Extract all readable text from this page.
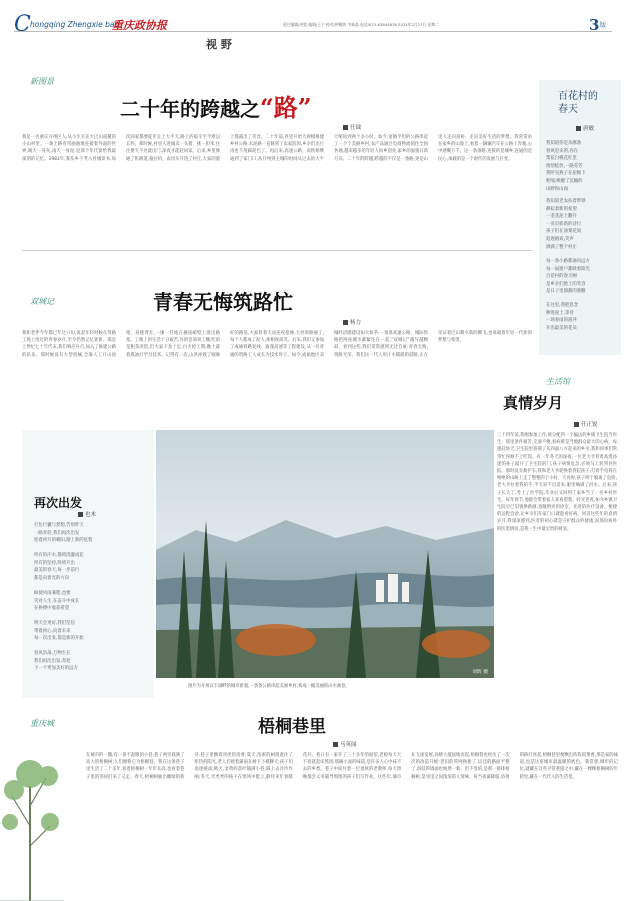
C hongqing Zhengxie bao
重庆政协报
视 野
责任编辑/余露 编辑/王宁 校对/钟敏鸿 韦新淼 电话/023-63844678 2024年2月27日 星期二	3 版
新图景
二十年的跨越之“路”
任钺
我是一名重庆开州区人,从小生长在大巴山南麓的小山村里。一条土路弯弯曲曲地连接着外面的世界,晴天一身灰,雨天一身泥,是那个年代留给我最深刻的记忆。1983年,我从乡下考入县城读书,每次回家都要徒步走上大半天,路上的艰辛至今难以忘怀。那时候,村里人进城卖一头猪、挑一担米,往往要天不亮就出门,深夜才能赶回家。后来,乡里修通了机耕道,拖拉机、农用车开进了村庄,大家的脸上都露出了笑容。二十年前,县里开始大规模修建乡村公路,水泥路一直修到了农家院坝,乡亲们出行再也不用踩泥巴了。再后来,高速公路、高铁相继通到了家门口,从开州到主城的时间从过去的大半天缩短到两个多小时。如今,宽阔平坦的公路串起了一个个美丽乡村,农产品通过电商物流销往全国各地,越来越多的年轻人回乡创业,家乡的面貌日新月异。二十年的跨越,跨越的不仅是一条路,更是山里人走向富裕、走向美好生活的梦想。我常常站在家乡的山坡上,看着一辆辆汽车在公路上奔驰,心中感慨万千。这一条条路,连接的是城乡,连通的是民心,承载的是一个时代的发展与巨变。
百花村的春天
唐敏
我知道你是从哪条
春风里来的,你在
梨花白桃花红里
悄悄绽放,一路芬芳
我听见燕子在屋檐下
呢喃,唤醒了沉睡的
田野和山岗
我知道老农扶着犁铧
耕耘着新的希望
一垄垄泥土翻开
一页页崭新的诗行
孩子们在油菜花间
追逐嬉戏,笑声
洒满了整个村庄
每一条小路都通向远方
每一扇窗户都映着阳光
百花村的春天啊
是乡亲们脸上的笑容
是日子里甜甜的蜜糖
在这里,我把思念
种进泥土,等待
一场春雨的滋养
开出最美的花朵
双城记	青春无悔筑路忙
杨力
我和老伴今年都已年过六旬,说起年轻时候在筑路工地上度过的青春岁月,至今仍然记忆犹新。那是上世纪七十年代末,我们响应号召,加入了修建公路的队伍。那时候没有大型机械,全靠人工开山放炮、肩挑背扛,一锤一钎地在悬崖峭壁上凿出路基。工地上的生活十分艰苦,住的是简易工棚,吃的是粗茶淡饭,但大家干劲十足,白天抢工期,晚上就着煤油灯学习技术。记得有一次,山洪冲毁了刚修好的路基,大家冒着大雨连夜抢修,天亮时路通了,每个人都成了泥人,却相视而笑。后来,我们又参加了成渝铁路复线、渝遂高速等工程建设,从一名普通的筑路工人成长为技术骨干。如今,成渝地区双城经济圈建设如火如荼,一条条高速公路、城际铁路把两座城市紧紧连在一起,“双城记”越写越精彩。看到这些,我们常常感到无比自豪:青春无悔,筑路光荣。我们这一代人用汗水铺就的道路,正在见证着巴山蜀水新的腾飞,也承载着年轻一代新的梦想与希望。
生活馆
真情岁月
任正锐
三十四年前,我刚参加工作,被分配到一个偏远的乡镇卫生院当医生。那里条件艰苦,交通不便,看病难是当地群众最大的心病。每逢赶场天,卫生院里挤满了从四面八方赶来的乡亲,我和同事们常常忙得顾不上吃饭。有一年冬天的深夜,一位老大爷背着高烧昏迷的孙子敲开了卫生院的门,孩子病情危急,必须马上转到县医院。那时没有救护车,我和老大爷轮换着背起孩子,打着手电筒在崎岖的山路上走了整整四个小时。天亮时,孩子终于脱离了危险,老大爷拉着我的手,半天说不出话来,眼里噙满了泪水。后来,孩子长大了,考上了医学院,毕业后又回到了家乡当了一名乡村医生。每年春节,他都会带着家人来看望我。时光荏苒,如今乡镇卫生院早已旧貌换新颜,宽敞明亮的诊室、先进的医疗设备、便捷的远程会诊,让乡亲们在家门口就能看好病。回首这些年的真情岁月,我深深感到,医者的初心就是守护群众的健康,而那份质朴的医患情谊,是我一生中最宝贵的财富。
再次出发
也木
打包行囊与梦想,告别昨天
一路奔赴,我们再次出发
迎着初升的朝阳,踏上新的征程
所有的汗水,都将浇灌成花
所有的坚持,终将开出
最美的春天,每一步前行
都是向着光的方向
纵使风雨兼程,也要
笑对人生,在奋斗中成长
在拼搏中收获希望
明天会更好,我们坚信
带着初心,向着未来
每一次出发,都是新的开始
春风浩荡,万物生长
我们再次出发,奔赴
下一个更加美好的远方
刘辉 摄
图片为开州汉丰湖畔的城市新貌,一条条公路串起美丽乡村,构成一幅美丽的山水画卷。
重庆城	梧桐巷里
马英闻
在城市的一隅,有一条不起眼的小巷,巷子两旁栽满了高大的梧桐树,人们便称它为梧桐巷。我在这条巷子里生活了二十多年,看着梧桐树一年年长高,也看着巷子里的邻居们来了又走。春天,梧桐树抽出嫩绿的新芽,巷子里飘着淡淡的清香;夏天,浓密的树荫遮住了炽热的阳光,老人们摇着蒲扇在树下下棋聊天,孩子们追逐嬉戏;秋天,金黄的落叶铺满小巷,踩上去沙沙作响;冬天,光秃秃的枝干在寒风中挺立,静待来年春暖花开。巷口有一家开了三十多年的面馆,老板每天天不亮就起床熬汤,那碗小面的味道,是许多人心中抹不去的乡愁。巷子中间住着一位退休的老教师,每天傍晚都会义务辅导周围的孩子们写作业。这些年,城市在飞速发展,高楼大厦拔地而起,梧桐巷也经历了一次次的改造升级:老旧的管网换新了,坑洼的路面平整了,斑驳的墙面也焕然一新。但不变的,是那一排排梧桐树,是邻里之间浓浓的人情味。每当夜幕降临,昏黄的路灯亮起,梧桐巷里便飘出阵阵饭菜香,那是家的味道,也是这座城市最温暖的底色。我常想,城市的记忆,就藏在这些寻常巷陌之中,藏在一棵棵梧桐树的年轮里,藏在一代代人的生活里。
